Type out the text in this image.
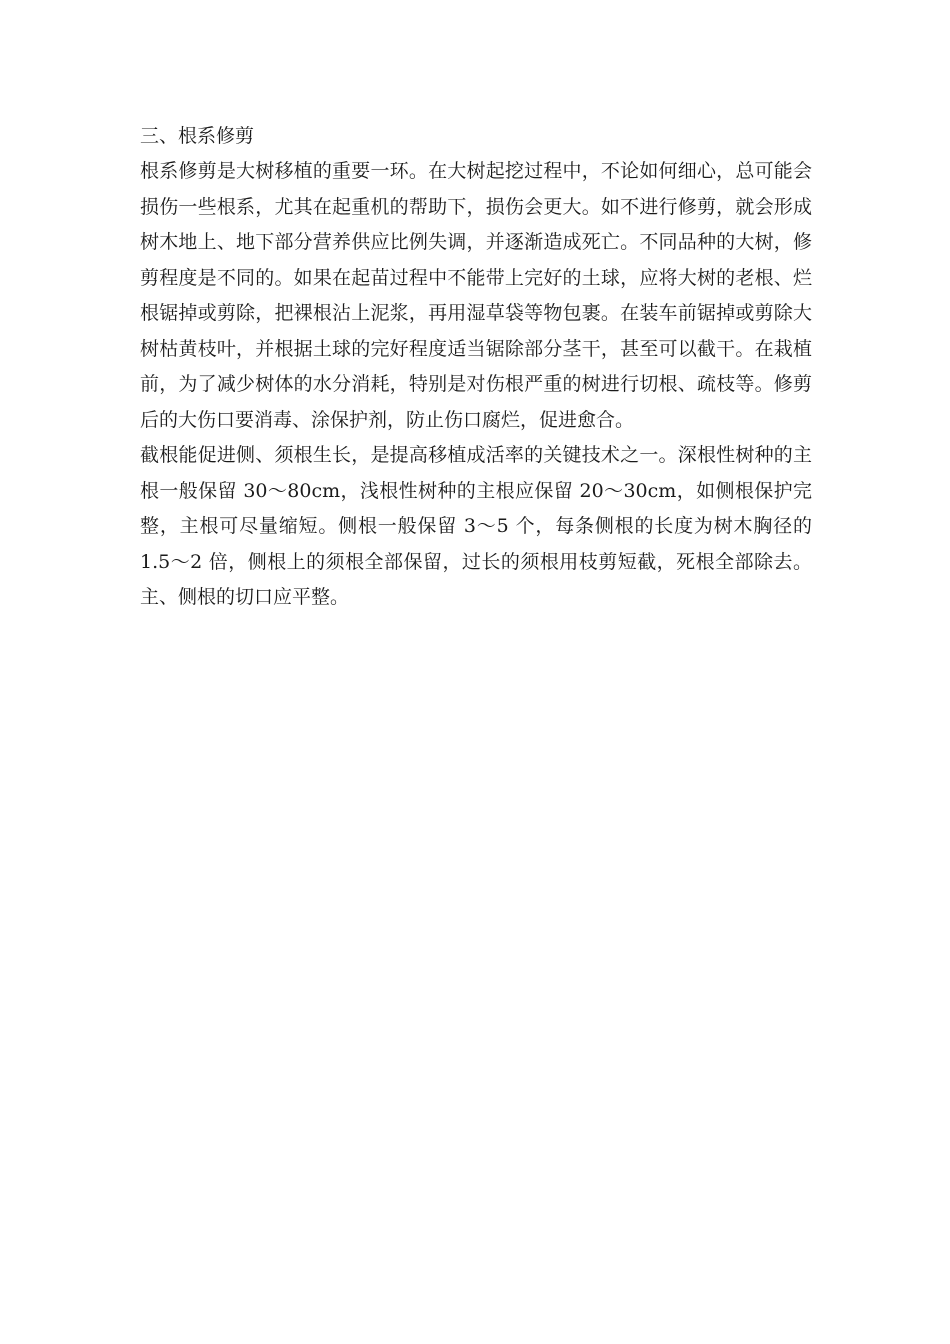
三、根系修剪

根系修剪是大树移植的重要一环。在大树起挖过程中，不论如何细心，总可能会损伤一些根系，尤其在起重机的帮助下，损伤会更大。如不进行修剪，就会形成树木地上、地下部分营养供应比例失调，并逐渐造成死亡。不同品种的大树，修剪程度是不同的。如果在起苗过程中不能带上完好的土球，应将大树的老根、烂根锯掉或剪除，把裸根沾上泥浆，再用湿草袋等物包裹。在装车前锯掉或剪除大树枯黄枝叶，并根据土球的完好程度适当锯除部分茎干，甚至可以截干。在栽植前，为了减少树体的水分消耗，特别是对伤根严重的树进行切根、疏枝等。修剪后的大伤口要消毒、涂保护剂，防止伤口腐烂，促进愈合。

截根能促进侧、须根生长，是提高移植成活率的关键技术之一。深根性树种的主根一般保留 30～80cm，浅根性树种的主根应保留 20～30cm，如侧根保护完整，主根可尽量缩短。侧根一般保留 3～5 个，每条侧根的长度为树木胸径的 1.5～2 倍，侧根上的须根全部保留，过长的须根用枝剪短截，死根全部除去。主、侧根的切口应平整。
